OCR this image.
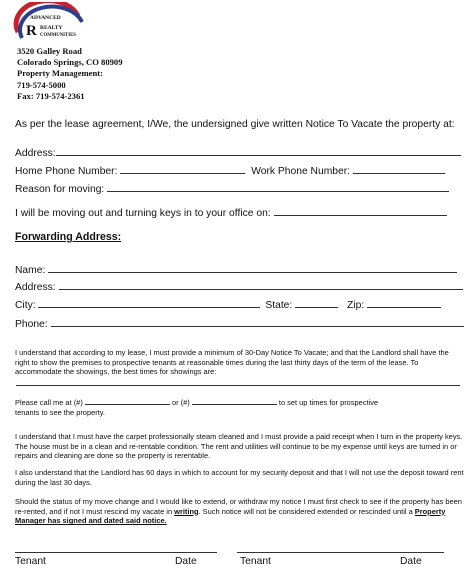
ADVANCED
R REALTY
COMMUNITIES
3520 Galley Road
Colorado Springs, CO 80909
Property Management:
719-574-5000
Fax: 719-574-2361
As per the lease agreement, I/We, the undersigned give written Notice To Vacate the property at:
Address:
Home Phone Number:	Work Phone Number:
Reason for moving:
I will be moving out and turning keys in to your office on:
Forwarding Address:
Name:
Address:
City:	State:	Zip:
Phone:
I understand that according to my lease, I must provide a minimum of 30-Day Notice To Vacate; and that the Landlord shall have the right to show the premises to prospective tenants at reasonable times during the last thirty days of the term of the lease. To accommodate the showings, the best times for showings are:
Please call me at (#)	or (#)	to set up times for prospective
tenants to see the property.
I understand that I must have the carpet professionally steam cleaned and I must provide a paid receipt when I turn in the property keys. The house must be in a clean and re-rentable condition. The rent and utilities will continue to be my expense until keys are turned in or repairs and cleaning are done so the property is rerentable.
I also understand that the Landlord has 60 days in which to account for my security deposit and that I will not use the deposit toward rent during the last 30 days.
Should the status of my move change and I would like to extend, or withdraw my notice I must first check to see if the property has been re-rented, and if not I must rescind my vacate in writing. Such notice will not be considered extended or rescinded until a Property Manager has signed and dated said notice.
Tenant	Date	Tenant	Date
